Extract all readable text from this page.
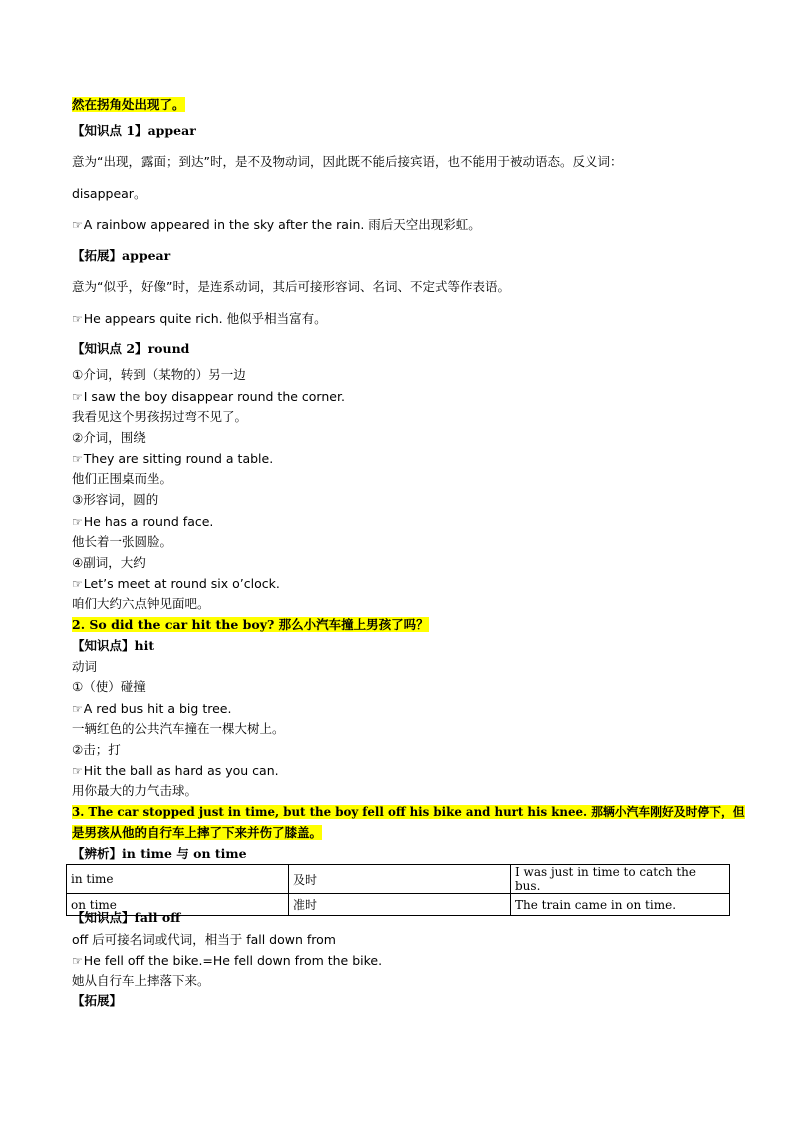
然在拐角处出现了。
【知识点 1】appear
意为“出现，露面；到达”时，是不及物动词，因此既不能后接宾语，也不能用于被动语态。反义词：
disappear。
☞A rainbow appeared in the sky after the rain. 雨后天空出现彩虹。
【拓展】appear
意为“似乎，好像”时，是连系动词，其后可接形容词、名词、不定式等作表语。
☞He appears quite rich. 他似乎相当富有。
【知识点 2】round
①介词，转到（某物的）另一边
☞I saw the boy disappear round the corner.
我看见这个男孩拐过弯不见了。
②介词，围绕
☞They are sitting round a table.
他们正围桌而坐。
③形容词，圆的
☞He has a round face.
他长着一张圆脸。
④副词，大约
☞Let’s meet at round six o’clock.
咱们大约六点钟见面吧。
2. So did the car hit the boy? 那么小汽车撞上男孩了吗？
【知识点】hit
动词
①（使）碰撞
☞A red bus hit a big tree.
一辆红色的公共汽车撞在一棵大树上。
②击；打
☞Hit the ball as hard as you can.
用你最大的力气击球。
3. The car stopped just in time, but the boy fell off his bike and hurt his knee. 那辆小汽车刚好及时停下，但
是男孩从他的自行车上摔了下来并伤了膝盖。
【辨析】in time 与 on time
in time	及时	I was just in time to catch the bus.
on time	准时	The train came in on time.
【知识点】fall off
off 后可接名词或代词，相当于 fall down from
☞He fell off the bike.=He fell down from the bike.
她从自行车上摔落下来。
【拓展】
